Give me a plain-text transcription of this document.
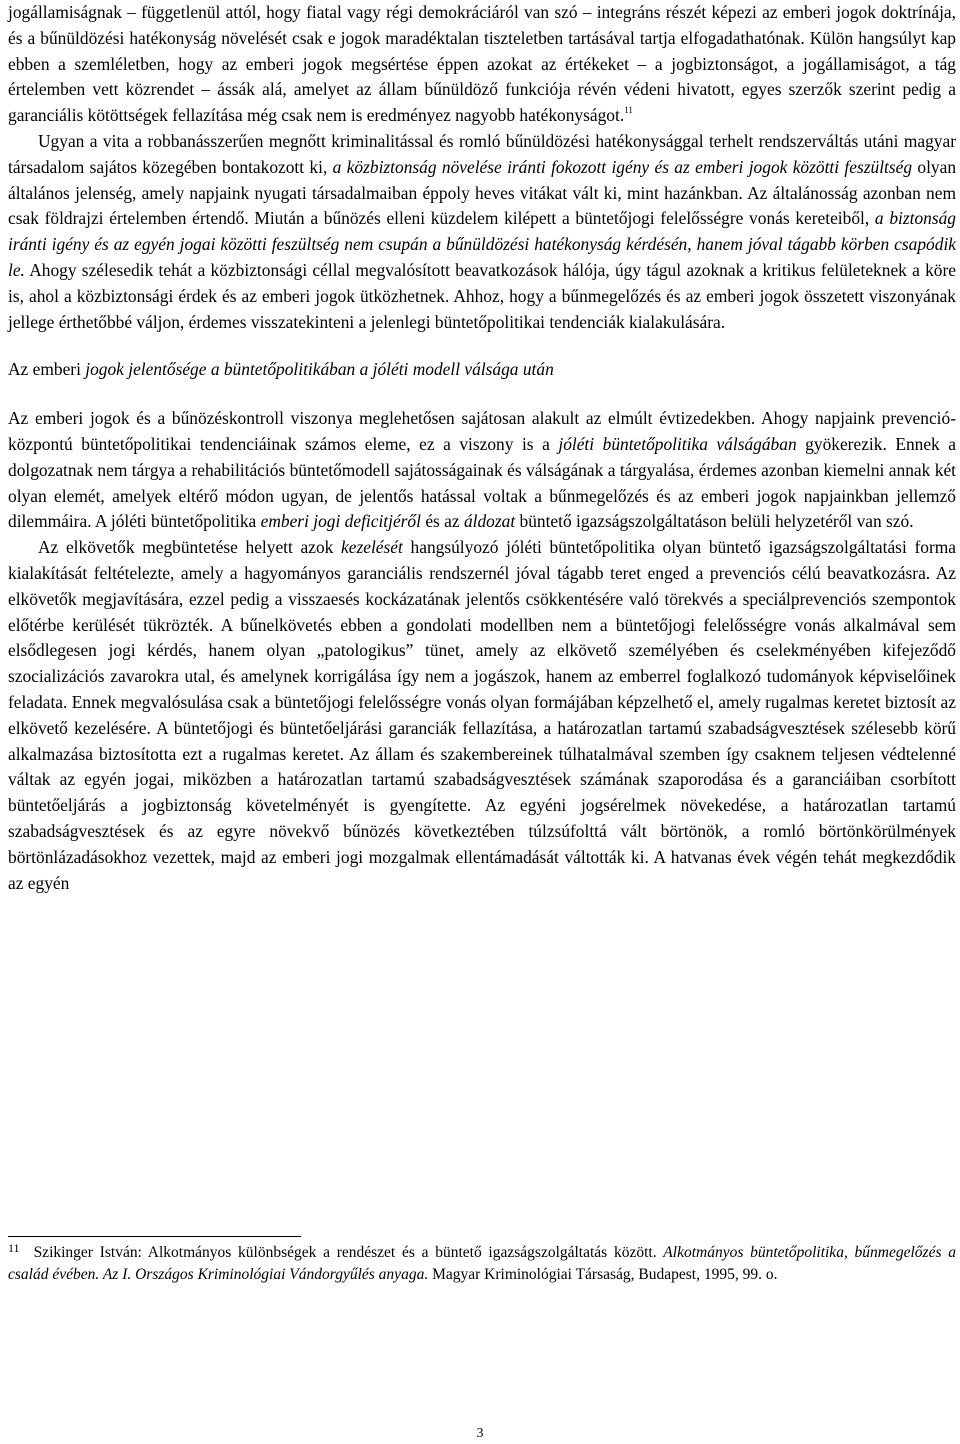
jogállamiságnak – függetlenül attól, hogy fiatal vagy régi demokráciáról van szó – integráns részét képezi az emberi jogok doktrínája, és a bűnüldözési hatékonyság növelését csak e jogok maradéktalan tiszteletben tartásával tartja elfogadathatónak. Külön hangsúlyt kap ebben a szemléletben, hogy az emberi jogok megsértése éppen azokat az értékeket – a jogbiztonságot, a jogállamiságot, a tág értelemben vett közrendet – ássák alá, amelyet az állam bűnüldöző funkciója révén védeni hivatott, egyes szerzők szerint pedig a garanciális kötöttségek fellazítása még csak nem is eredményez nagyobb hatékonyságot.$^{11}$

Ugyan a vita a robbanásszerűen megnőtt kriminalitással és romló bűnüldözési hatékonysággal terhelt rendszerváltás utáni magyar társadalom sajátos közegében bontakozott ki, a közbiztonság növelése iránti fokozott igény és az emberi jogok közötti feszültség olyan általános jelenség, amely napjaink nyugati társadalmaiban éppoly heves vitákat vált ki, mint hazánkban. Az általánosság azonban nem csak földrajzi értelemben értendő. Miután a bűnözés elleni küzdelem kilépett a büntetőjogi felelősségre vonás kereteiből, a biztonság iránti igény és az egyén jogai közötti feszültség nem csupán a bűnüldözési hatékonyság kérdésén, hanem jóval tágabb körben csapódik le. Ahogy szélesedik tehát a közbiztonsági céllal megvalósított beavatkozások hálója, úgy tágul azoknak a kritikus felületeknek a köre is, ahol a közbiztonsági érdek és az emberi jogok ütközhetnek. Ahhoz, hogy a bűnmegelőzés és az emberi jogok összetett viszonyának jellege érthetőbbé váljon, érdemes visszatekinteni a jelenlegi büntetőpolitikai tendenciák kialakulására.

Az emberi jogok jelentősége a büntetőpolitikában a jóléti modell válsága után

Az emberi jogok és a bűnözéskontroll viszonya meglehetősen sajátosan alakult az elmúlt évtizedekben. Ahogy napjaink prevenció-központú büntetőpolitikai tendenciáinak számos eleme, ez a viszony is a jóléti büntetőpolitika válságában gyökerezik. Ennek a dolgozatnak nem tárgya a rehabilitációs büntetőmodell sajátosságainak és válságának a tárgyalása, érdemes azonban kiemelni annak két olyan elemét, amelyek eltérő módon ugyan, de jelentős hatással voltak a bűnmegelőzés és az emberi jogok napjainkban jellemző dilemmáira. A jóléti büntetőpolitika emberi jogi deficitjéről és az áldozat büntető igazságszolgáltatáson belüli helyzetéről van szó.

Az elkövetők megbüntetése helyett azok kezelését hangsúlyozó jóléti büntetőpolitika olyan büntető igazságszolgáltatási forma kialakítását feltételezte, amely a hagyományos garanciális rendszernél jóval tágabb teret enged a prevenciós célú beavatkozásra. Az elkövetők megjavítására, ezzel pedig a visszaesés kockázatának jelentős csökkentésére való törekvés a speciálprevenciós szempontok előtérbe kerülését tükrözték. A bűnelkövetés ebben a gondolati modellben nem a büntetőjogi felelősségre vonás alkalmával sem elsődlegesen jogi kérdés, hanem olyan „patologikus” tünet, amely az elkövető személyében és cselekményében kifejeződő szocializációs zavarokra utal, és amelynek korrigálása így nem a jogászok, hanem az emberrel foglalkozó tudományok képviselőinek feladata. Ennek megvalósulása csak a büntetőjogi felelősségre vonás olyan formájában képzelhető el, amely rugalmas keretet biztosít az elkövető kezelésére. A büntetőjogi és büntetőeljárási garanciák fellazítása, a határozatlan tartamú szabadságvesztések szélesebb körű alkalmazása biztosította ezt a rugalmas keretet. Az állam és szakembereinek túlhatalmával szemben így csaknem teljesen védtelenné váltak az egyén jogai, miközben a határozatlan tartamú szabadságvesztések számának szaporodása és a garanciáiban csorbított büntetőeljárás a jogbiztonság követelményét is gyengítette. Az egyéni jogsérelmek növekedése, a határozatlan tartamú szabadságvesztések és az egyre növekvő bűnözés következtében túlzsúfolttá vált börtönök, a romló börtönkörülmények börtönlázadásokhoz vezettek, majd az emberi jogi mozgalmak ellentámadását váltották ki. A hatvanas évek végén tehát megkezdődik az egyén

$^{11}$ Szikinger István: Alkotmányos különbségek a rendészet és a büntető igazságszolgáltatás között. Alkotmányos büntetőpolitika, bűnmegelőzés a család évében. Az I. Országos Kriminológiai Vándorgyűlés anyaga. Magyar Kriminológiai Társaság, Budapest, 1995, 99. o.
3
